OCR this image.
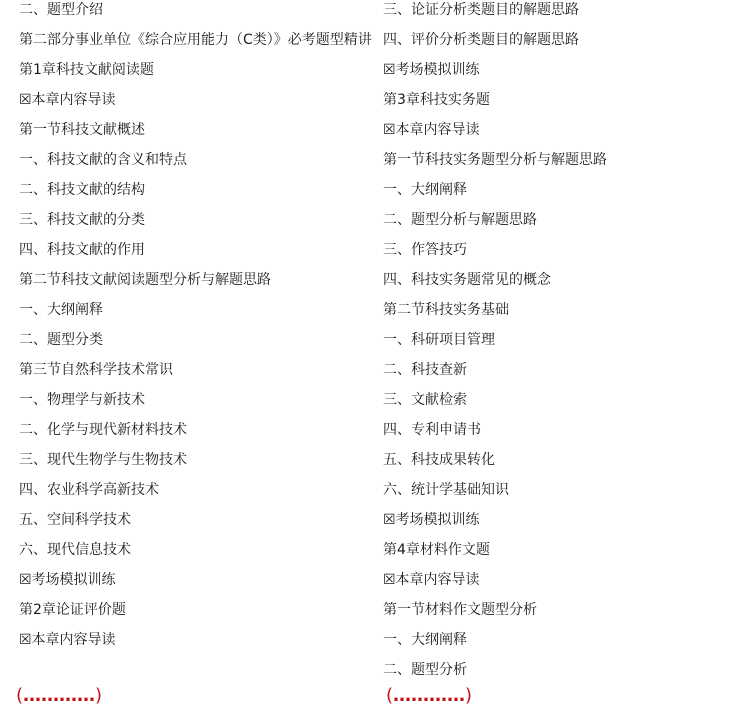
二、题型介绍
第二部分事业单位《综合应用能力（C类）》必考题型精讲
第1章科技文献阅读题
☒本章内容导读
第一节科技文献概述
一、科技文献的含义和特点
二、科技文献的结构
三、科技文献的分类
四、科技文献的作用
第二节科技文献阅读题型分析与解题思路
一、大纲阐释
二、题型分类
第三节自然科学技术常识
一、物理学与新技术
二、化学与现代新材料技术
三、现代生物学与生物技术
四、农业科学高新技术
五、空间科学技术
六、现代信息技术
☒考场模拟训练
第2章论证评价题
☒本章内容导读
三、论证分析类题目的解题思路
四、评价分析类题目的解题思路
☒考场模拟训练
第3章科技实务题
☒本章内容导读
第一节科技实务题型分析与解题思路
一、大纲阐释
二、题型分析与解题思路
三、作答技巧
四、科技实务题常见的概念
第二节科技实务基础
一、科研项目管理
二、科技查新
三、文献检索
四、专利申请书
五、科技成果转化
六、统计学基础知识
☒考场模拟训练
第4章材料作文题
☒本章内容导读
第一节材料作文题型分析
一、大纲阐释
二、题型分析
(…………)	(…………)
